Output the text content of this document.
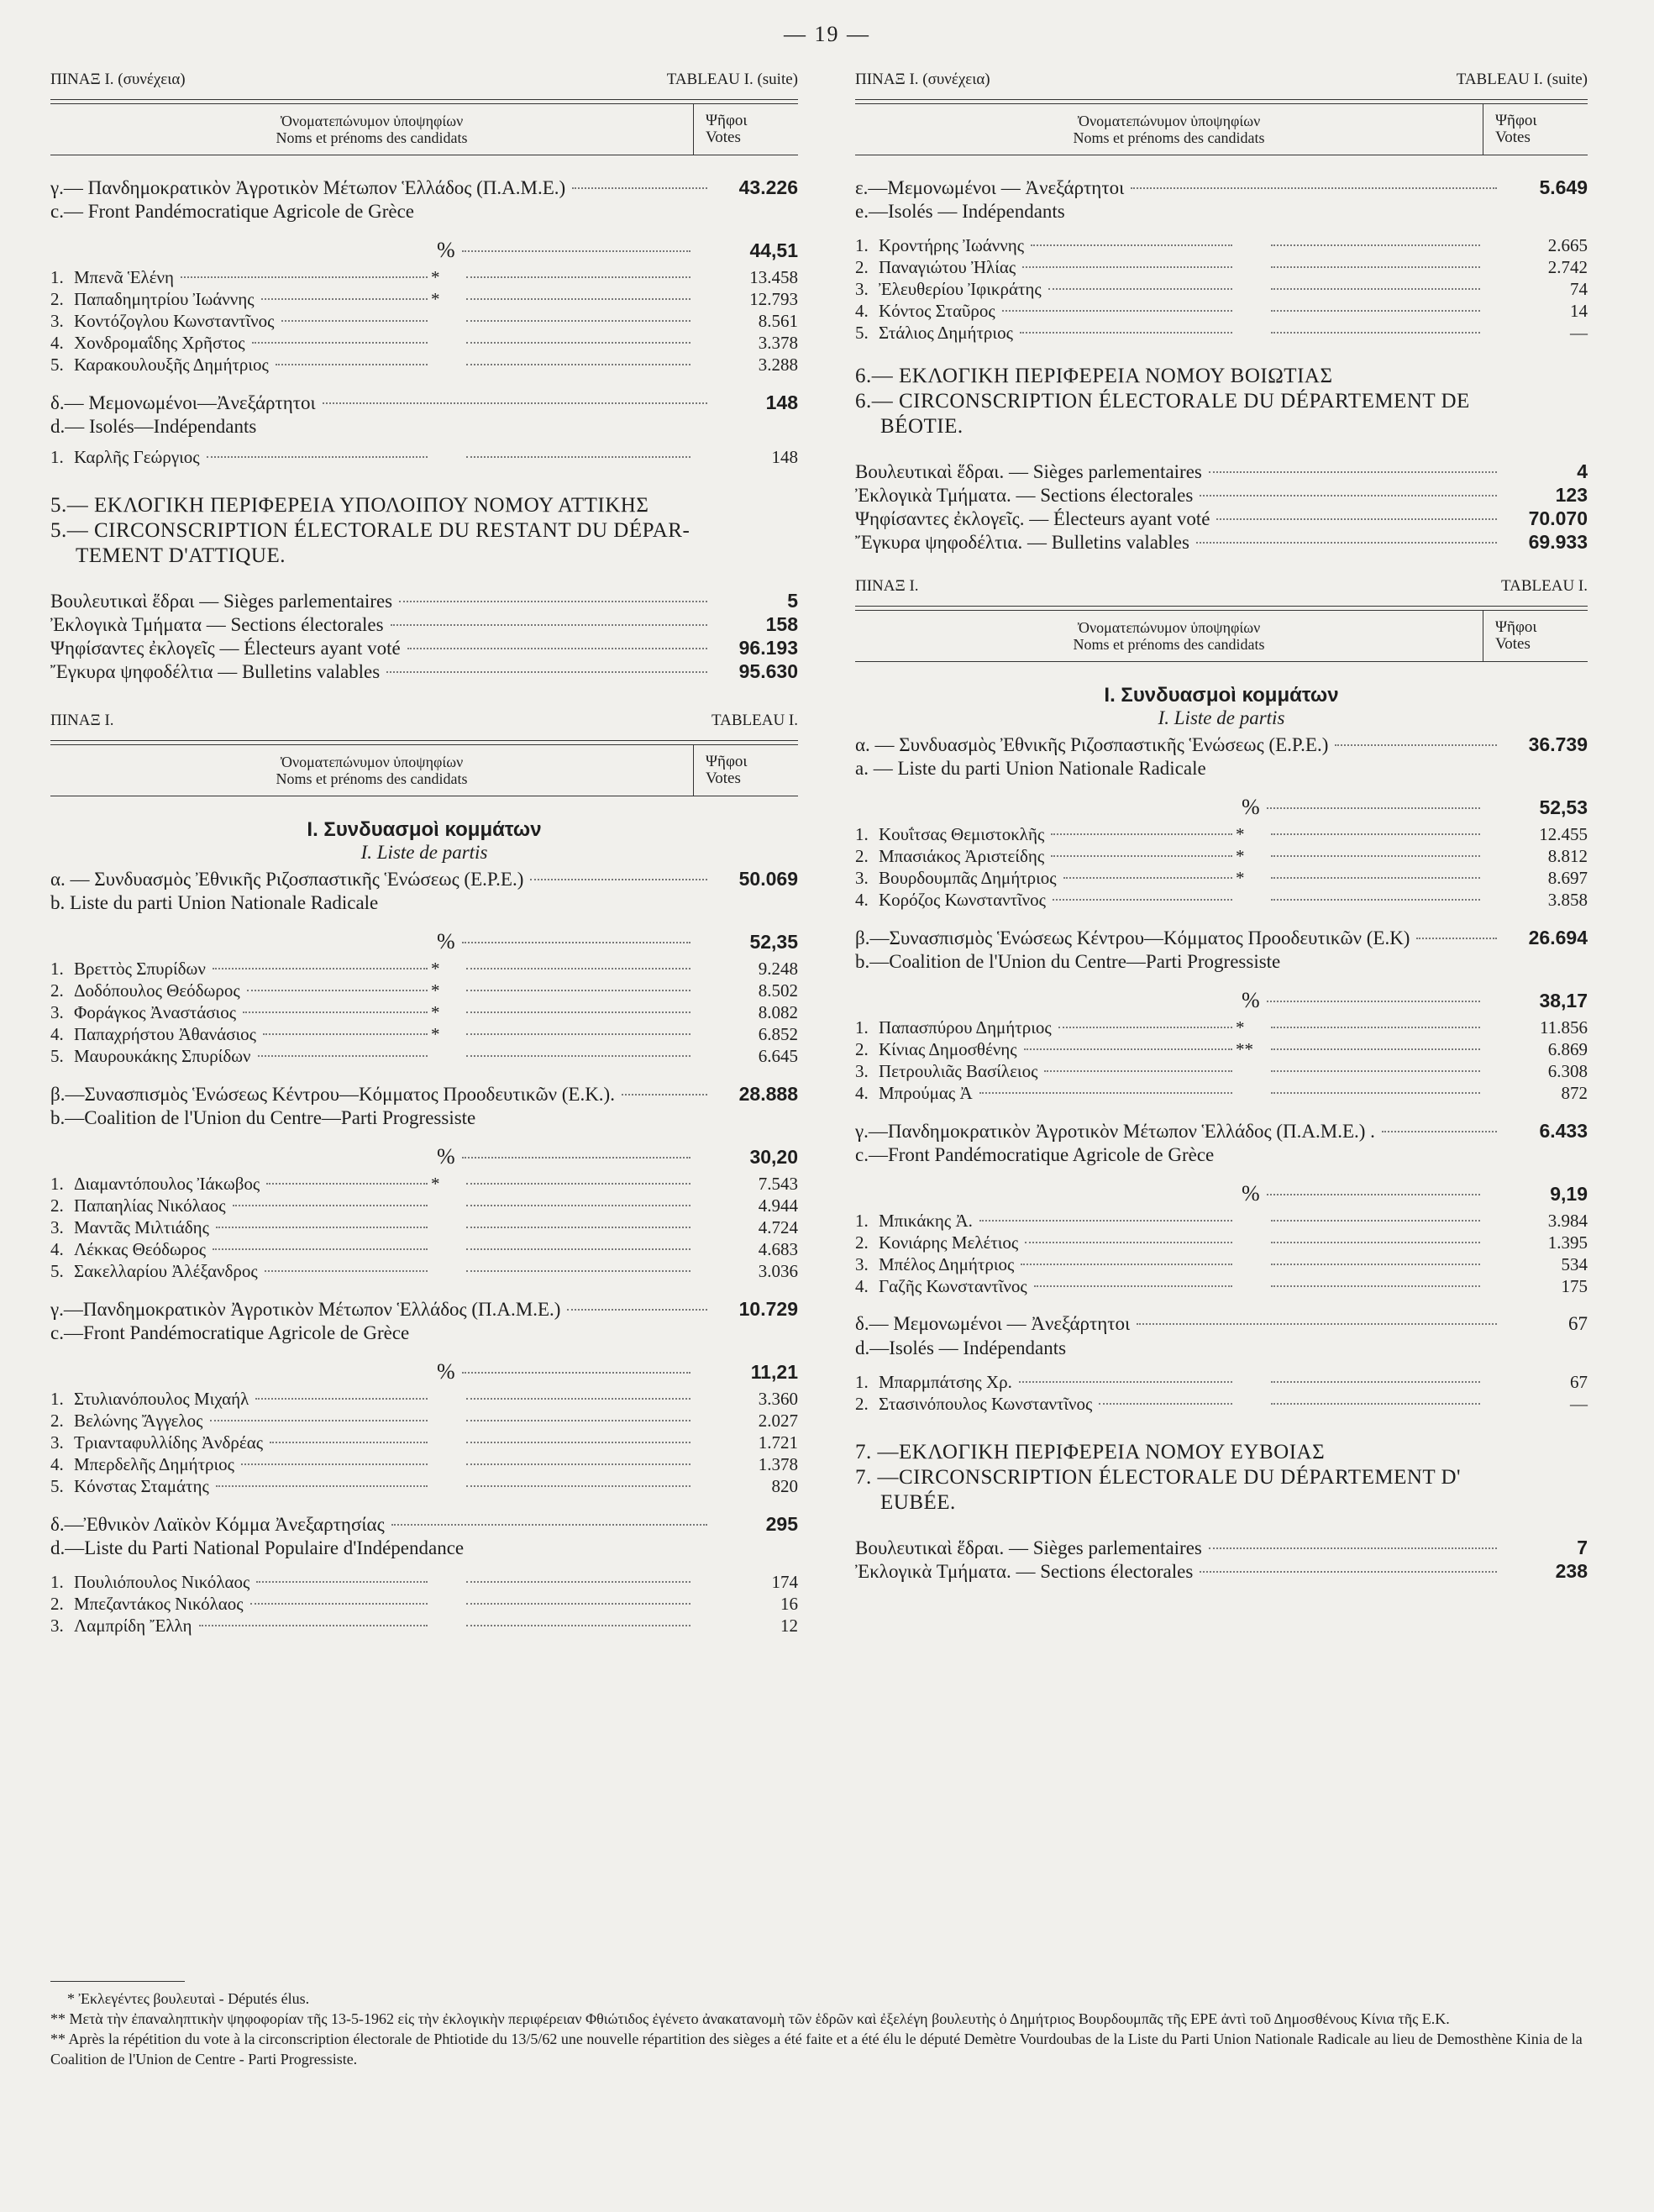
— 19 —
ΠΙΝΑΞ Ι. (συνέχεια)	TABLEAU I. (suite)
Ὀνοματεπώνυμον ὑποψηφίων
Noms et prénoms des candidats
Ψῆφοι
Votes
γ.— Πανδημοκρατικὸν Ἀγροτικὸν Μέτωπον Ἑλλάδος (Π.Α.Μ.Ε.)	43.226
c.— Front Pandémocratique Agricole de Grèce
%	44,51
1. Μπενᾶ Ἑλένη	*	13.458
2. Παπαδημητρίου Ἰωάννης	*	12.793
3. Κοντόζογλου Κωνσταντῖνος	8.561
4. Χονδρομαΐδης Χρῆστος	3.378
5. Καρακουλουξῆς Δημήτριος	3.288
δ.— Μεμονωμένοι—Ἀνεξάρτητοι	148
d.— Isolés—Indépendants
1. Καρλῆς Γεώργιος	148
5.— ΕΚΛΟΓΙΚΗ ΠΕΡΙΦΕΡΕΙΑ ΥΠΟΛΟΙΠΟΥ ΝΟΜΟΥ ΑΤΤΙΚΗΣ
5.— CIRCONSCRIPTION ÉLECTORALE DU RESTANT DU DÉPAR-
TEMENT D'ATTIQUE.
Βουλευτικαὶ ἕδραι — Sièges parlementaires	5
Ἐκλογικὰ Τμήματα — Sections électorales	158
Ψηφίσαντες ἐκλογεῖς — Électeurs ayant voté	96.193
Ἔγκυρα ψηφοδέλτια — Bulletins valables	95.630
ΠΙΝΑΞ Ι.	TABLEAU I.
Ὀνοματεπώνυμον ὑποψηφίων
Noms et prénoms des candidats
Ψῆφοι
Votes
I. Συνδυασμοὶ κομμάτων
I. Liste de partis
α. — Συνδυασμὸς Ἐθνικῆς Ριζοσπαστικῆς Ἑνώσεως (Ε.Ρ.Ε.)	50.069
b. Liste du parti Union Nationale Radicale
%	52,35
1. Βρεττὸς Σπυρίδων	*	9.248
2. Δοδόπουλος Θεόδωρος	*	8.502
3. Φοράγκος Ἀναστάσιος	*	8.082
4. Παπαχρήστου Ἀθανάσιος	*	6.852
5. Μαυρουκάκης Σπυρίδων	6.645
β.—Συνασπισμὸς Ἑνώσεως Κέντρου—Κόμματος Προοδευτικῶν (Ε.Κ.).	28.888
b.—Coalition de l'Union du Centre—Parti Progressiste
%	30,20
1. Διαμαντόπουλος Ἰάκωβος	*	7.543
2. Παπαηλίας Νικόλαος	4.944
3. Μαντᾶς Μιλτιάδης	4.724
4. Λέκκας Θεόδωρος	4.683
5. Σακελλαρίου Ἀλέξανδρος	3.036
γ.—Πανδημοκρατικὸν Ἀγροτικὸν Μέτωπον Ἑλλάδος (Π.Α.Μ.Ε.)	10.729
c.—Front Pandémocratique Agricole de Grèce
%	11,21
1. Στυλιανόπουλος Μιχαήλ	3.360
2. Βελώνης Ἄγγελος	2.027
3. Τριανταφυλλίδης Ἀνδρέας	1.721
4. Μπερδελῆς Δημήτριος	1.378
5. Κόνστας Σταμάτης	820
δ.—Ἐθνικὸν Λαϊκὸν Κόμμα Ἀνεξαρτησίας	295
d.—Liste du Parti National Populaire d'Indépendance
1. Πουλιόπουλος Νικόλαος	174
2. Μπεζαντάκος Νικόλαος	16
3. Λαμπρίδη Ἔλλη	12
ΠΙΝΑΞ Ι. (συνέχεια)	TABLEAU I. (suite)
Ὀνοματεπώνυμον ὑποψηφίων
Noms et prénoms des candidats
Ψῆφοι
Votes
ε.—Μεμονωμένοι — Ἀνεξάρτητοι	5.649
e.—Isolés — Indépendants
1. Κροντήρης Ἰωάννης	2.665
2. Παναγιώτου Ἠλίας	2.742
3. Ἐλευθερίου Ἰφικράτης	74
4. Κόντος Σταῦρος	14
5. Στάλιος Δημήτριος	—
6.— ΕΚΛΟΓΙΚΗ ΠΕΡΙΦΕΡΕΙΑ ΝΟΜΟΥ ΒΟΙΩΤΙΑΣ
6.— CIRCONSCRIPTION ÉLECTORALE DU DÉPARTEMENT DE
BÉOTIE.
Βουλευτικαὶ ἕδραι. — Sièges parlementaires	4
Ἐκλογικὰ Τμήματα. — Sections électorales	123
Ψηφίσαντες ἐκλογεῖς. — Électeurs ayant voté	70.070
Ἔγκυρα ψηφοδέλτια. — Bulletins valables	69.933
ΠΙΝΑΞ Ι.	TABLEAU I.
Ὀνοματεπώνυμον ὑποψηφίων
Noms et prénoms des candidats
Ψῆφοι
Votes
I. Συνδυασμοὶ κομμάτων
I. Liste de partis
α. — Συνδυασμὸς Ἐθνικῆς Ριζοσπαστικῆς Ἑνώσεως (Ε.Ρ.Ε.)	36.739
a. — Liste du parti Union Nationale Radicale
%	52,53
1. Κουΐτσας Θεμιστοκλῆς	*	12.455
2. Μπασιάκος Ἀριστείδης	*	8.812
3. Βουρδουμπᾶς Δημήτριος	*	8.697
4. Κορόζος Κωνσταντῖνος	3.858
β.—Συνασπισμὸς Ἑνώσεως Κέντρου—Κόμματος Προοδευτικῶν (Ε.Κ)	26.694
b.—Coalition de l'Union du Centre—Parti Progressiste
%	38,17
1. Παπασπύρου Δημήτριος	*	11.856
2. Κίνιας Δημοσθένης	**	6.869
3. Πετρουλιᾶς Βασίλειος	6.308
4. Μπρούμας Ἀ	872
γ.—Πανδημοκρατικὸν Ἀγροτικὸν Μέτωπον Ἑλλάδος (Π.Α.Μ.Ε.) .	6.433
c.—Front Pandémocratique Agricole de Grèce
%	9,19
1. Μπικάκης Ἀ.	3.984
2. Κονιάρης Μελέτιος	1.395
3. Μπέλος Δημήτριος	534
4. Γαζῆς Κωνσταντῖνος	175
δ.— Μεμονωμένοι — Ἀνεξάρτητοι	67
d.—Isolés — Indépendants
1. Μπαρμπάτσης Χρ.	67
2. Στασινόπουλος Κωνσταντῖνος	—
7. —ΕΚΛΟΓΙΚΗ ΠΕΡΙΦΕΡΕΙΑ ΝΟΜΟΥ ΕΥΒΟΙΑΣ
7. —CIRCONSCRIPTION ÉLECTORALE DU DÉPARTEMENT D'
EUBÉE.
Βουλευτικαὶ ἕδραι. — Sièges parlementaires	7
Ἐκλογικὰ Τμήματα. — Sections électorales	238
* Ἐκλεγέντες βουλευταὶ - Députés élus.
** Μετὰ τὴν ἐπαναληπτικὴν ψηφοφορίαν τῆς 13-5-1962 εἰς τὴν ἐκλογικὴν περιφέρειαν Φθιώτιδος ἐγένετο ἀνακατανομὴ τῶν ἑδρῶν καὶ ἐξελέγη βουλευτὴς ὁ Δημήτριος Βουρδουμπᾶς τῆς ΕΡΕ ἀντὶ τοῦ Δημοσθένους Κίνια τῆς Ε.Κ.
** Après la répétition du vote à la circonscription électorale de Phtiotide du 13/5/62 une nouvelle répartition des sièges a été faite et a été élu le député Demètre Vourdoubas de la Liste du Parti Union Nationale Radicale au lieu de Demosthène Kinia de la Coalition de l'Union de Centre - Parti Progressiste.
